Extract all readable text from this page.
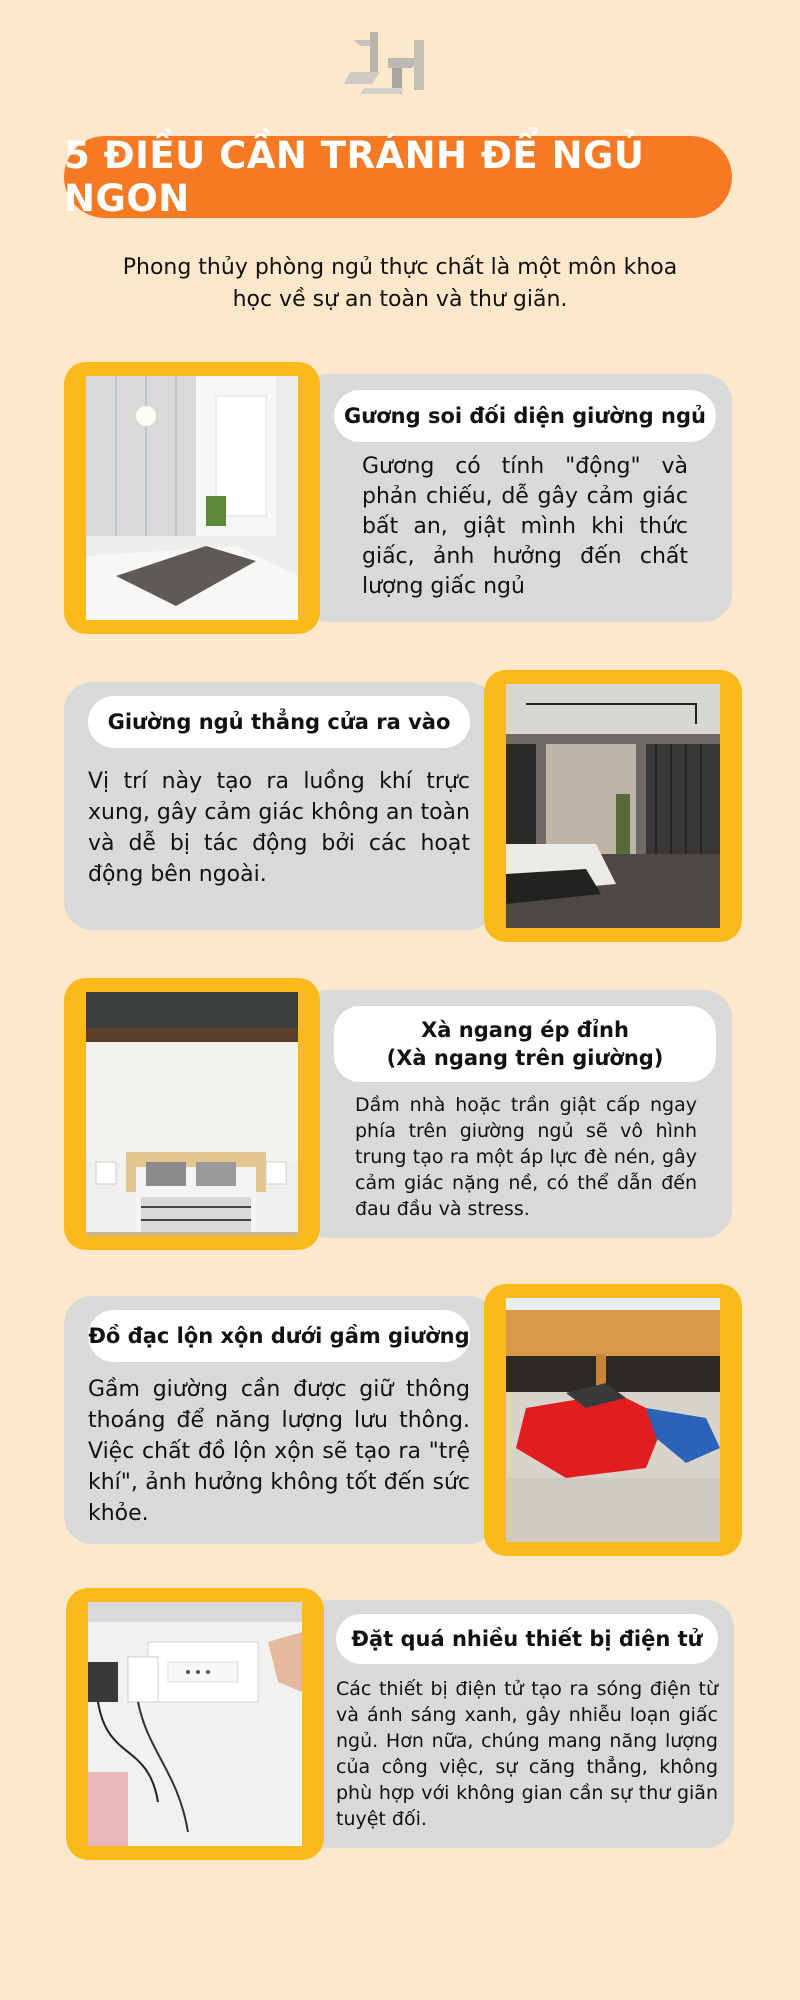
5 ĐIỀU CẦN TRÁNH ĐỂ NGỦ NGON
Phong thủy phòng ngủ thực chất là một môn khoa học về sự an toàn và thư giãn.
Gương soi đối diện giường ngủ
Gương có tính "động" và phản chiếu, dễ gây cảm giác bất an, giật mình khi thức giấc, ảnh hưởng đến chất lượng giấc ngủ
Giường ngủ thẳng cửa ra vào
Vị trí này tạo ra luồng khí trực xung, gây cảm giác không an toàn và dễ bị tác động bởi các hoạt động bên ngoài.
Xà ngang ép đỉnh
(Xà ngang trên giường)
Dầm nhà hoặc trần giật cấp ngay phía trên giường ngủ sẽ vô hình trung tạo ra một áp lực đè nén, gây cảm giác nặng nề, có thể dẫn đến đau đầu và stress.
Đồ đạc lộn xộn dưới gầm giường
Gầm giường cần được giữ thông thoáng để năng lượng lưu thông. Việc chất đồ lộn xộn sẽ tạo ra "trệ khí", ảnh hưởng không tốt đến sức khỏe.
Đặt quá nhiều thiết bị điện tử
Các thiết bị điện tử tạo ra sóng điện từ và ánh sáng xanh, gây nhiễu loạn giấc ngủ. Hơn nữa, chúng mang năng lượng của công việc, sự căng thẳng, không phù hợp với không gian cần sự thư giãn tuyệt đối.
